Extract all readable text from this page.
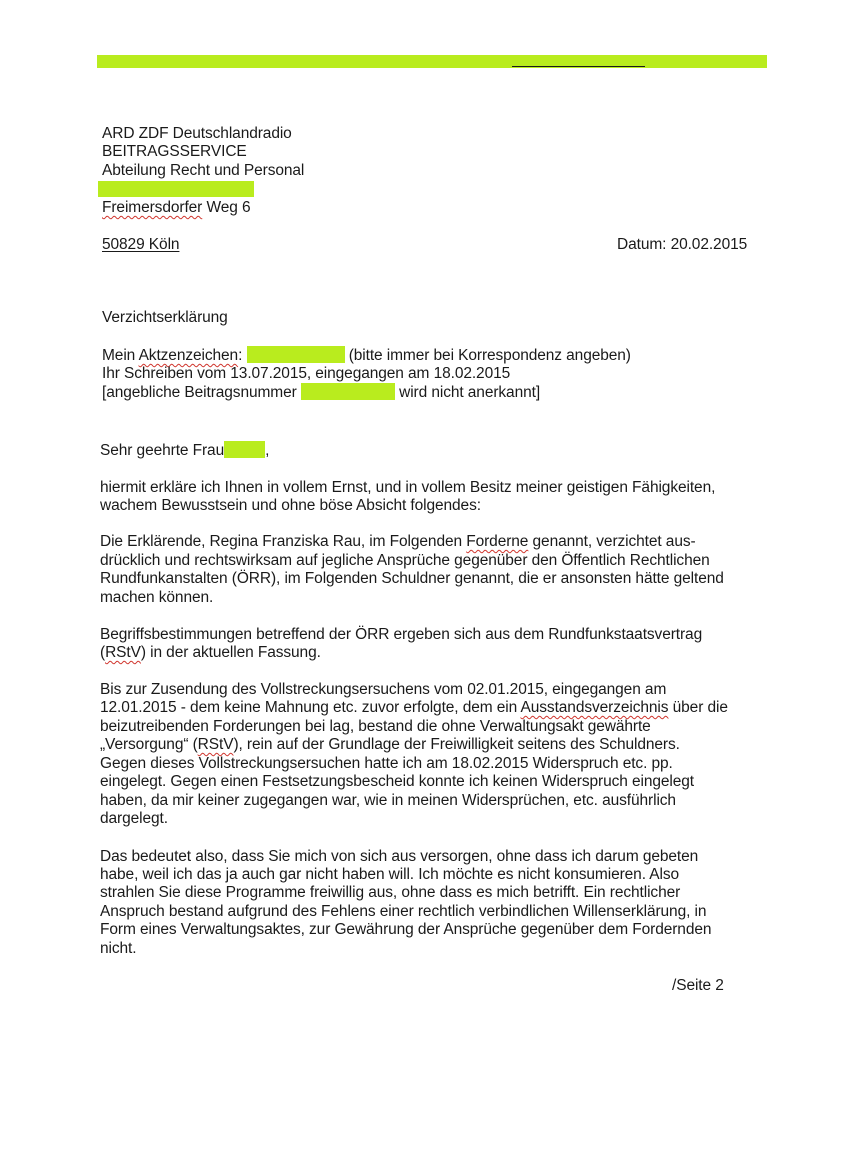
ARD ZDF Deutschlandradio
BEITRAGSSERVICE
Abteilung Recht und Personal
Freimersdorfer Weg 6
50829 Köln	Datum: 20.02.2015
Verzichtserklärung
Mein Aktzenzeichen:	(bitte immer bei Korrespondenz angeben)
Ihr Schreiben vom 13.07.2015, eingegangen am 18.02.2015
[angebliche Beitragsnummer	wird nicht anerkannt]
Sehr geehrte Frau	,
hiermit erkläre ich Ihnen in vollem Ernst, und in vollem Besitz meiner geistigen Fähigkeiten,
wachem Bewusstsein und ohne böse Absicht folgendes:
Die Erklärende, Regina Franziska Rau, im Folgenden Forderne genannt, verzichtet aus-
drücklich und rechtswirksam auf jegliche Ansprüche gegenüber den Öffentlich Rechtlichen
Rundfunkanstalten (ÖRR), im Folgenden Schuldner genannt, die er ansonsten hätte geltend
machen können.
Begriffsbestimmungen betreffend der ÖRR ergeben sich aus dem Rundfunkstaatsvertrag
(RStV) in der aktuellen Fassung.
Bis zur Zusendung des Vollstreckungsersuchens vom 02.01.2015, eingegangen am
12.01.2015 - dem keine Mahnung etc. zuvor erfolgte, dem ein Ausstandsverzeichnis über die
beizutreibenden Forderungen bei lag, bestand die ohne Verwaltungsakt gewährte
„Versorgung“ (RStV), rein auf der Grundlage der Freiwilligkeit seitens des Schuldners.
Gegen dieses Vollstreckungsersuchen hatte ich am 18.02.2015 Widerspruch etc. pp.
eingelegt. Gegen einen Festsetzungsbescheid konnte ich keinen Widerspruch eingelegt
haben, da mir keiner zugegangen war, wie in meinen Widersprüchen, etc. ausführlich
dargelegt.
Das bedeutet also, dass Sie mich von sich aus versorgen, ohne dass ich darum gebeten
habe, weil ich das ja auch gar nicht haben will. Ich möchte es nicht konsumieren. Also
strahlen Sie diese Programme freiwillig aus, ohne dass es mich betrifft. Ein rechtlicher
Anspruch bestand aufgrund des Fehlens einer rechtlich verbindlichen Willenserklärung, in
Form eines Verwaltungsaktes, zur Gewährung der Ansprüche gegenüber dem Fordernden
nicht.
/Seite 2
